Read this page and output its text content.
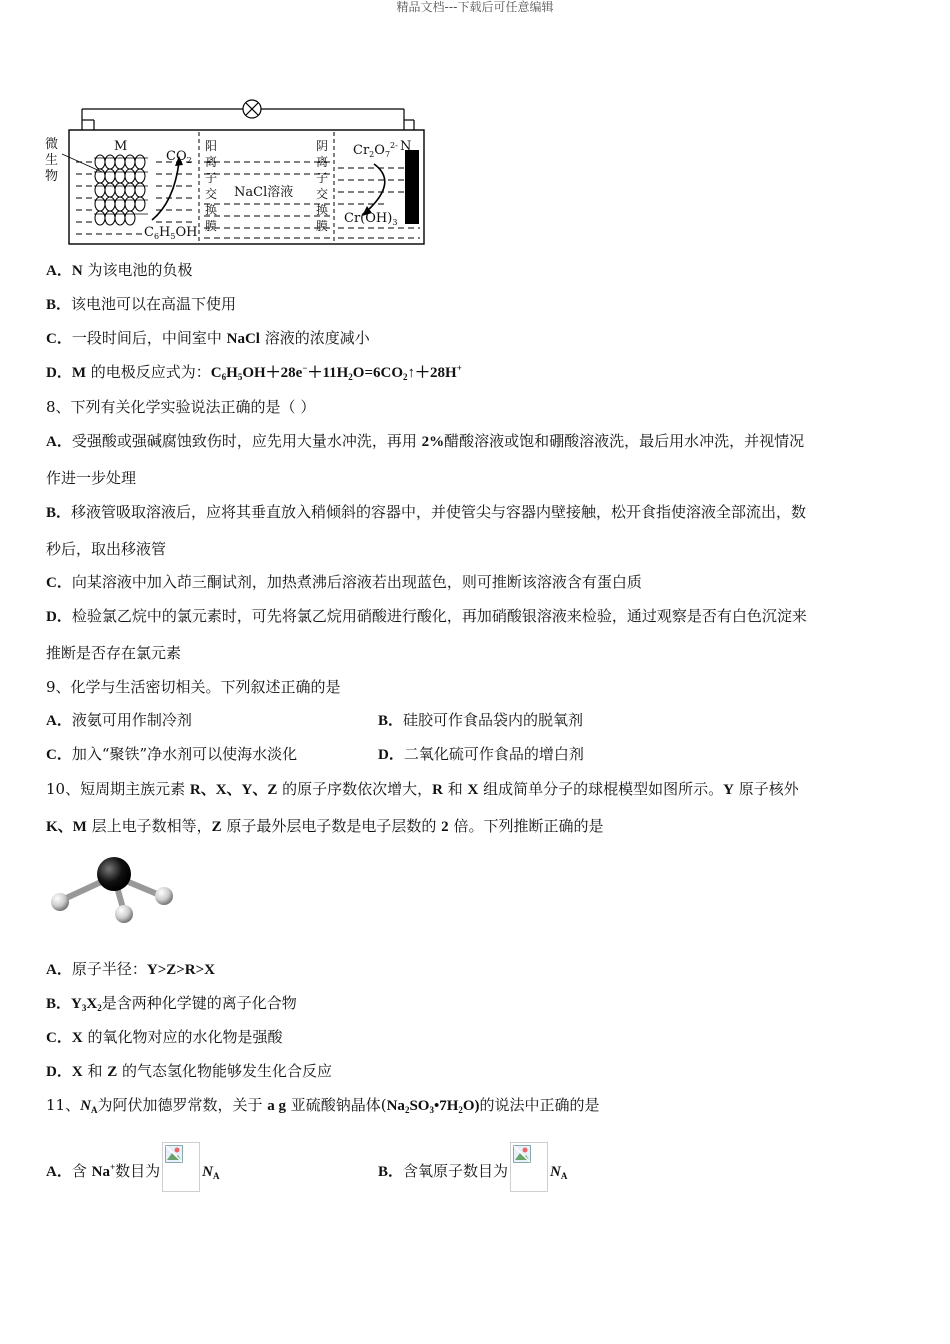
精品文档---下载后可任意编辑
微
生
物
M	N
$CO_2$
$C_6H_5OH$
NaCl溶液
$Cr_2O_7^{2-}$
$Cr(OH)_3$
阳
离
子
交
换
膜
阴
离
子
交
换
膜
A．N 为该电池的负极
B．该电池可以在高温下使用
C．一段时间后，中间室中 NaCl 溶液的浓度减小
D．M 的电极反应式为：$C_6H_5OH+28e^-+11H_2O=6CO_2↑+28H^+$
8、下列有关化学实验说法正确的是（ ）
A．受强酸或强碱腐蚀致伤时，应先用大量水冲洗，再用 2%醋酸溶液或饱和硼酸溶液洗，最后用水冲洗，并视情况
作进一步处理
B．移液管吸取溶液后，应将其垂直放入稍倾斜的容器中，并使管尖与容器内壁接触，松开食指使溶液全部流出，数
秒后，取出移液管
C．向某溶液中加入茚三酮试剂，加热煮沸后溶液若出现蓝色，则可推断该溶液含有蛋白质
D．检验氯乙烷中的氯元素时，可先将氯乙烷用硝酸进行酸化，再加硝酸银溶液来检验，通过观察是否有白色沉淀来
推断是否存在氯元素
9、化学与生活密切相关。下列叙述正确的是
A．液氨可用作制冷剂	B．硅胶可作食品袋内的脱氧剂
C．加入“聚铁”净水剂可以使海水淡化	D．二氧化硫可作食品的增白剂
10、短周期主族元素 R、X、Y、Z 的原子序数依次增大，R 和 X 组成简单分子的球棍模型如图所示。Y 原子核外
K、M 层上电子数相等，Z 原子最外层电子数是电子层数的 2 倍。下列推断正确的是
A．原子半径：Y>Z>R>X
B．$Y_3X_2$是含两种化学键的离子化合物
C．X 的氧化物对应的水化物是强酸
D．X 和 Z 的气态氢化物能够发生化合反应
11、$N_A$为阿伏加德罗常数，关于 a g 亚硫酸钠晶体$(Na_2SO_3•7H_2O)$的说法中正确的是
A．含 Na+数目为	$N_A$	B．含氧原子数目为	$N_A$
